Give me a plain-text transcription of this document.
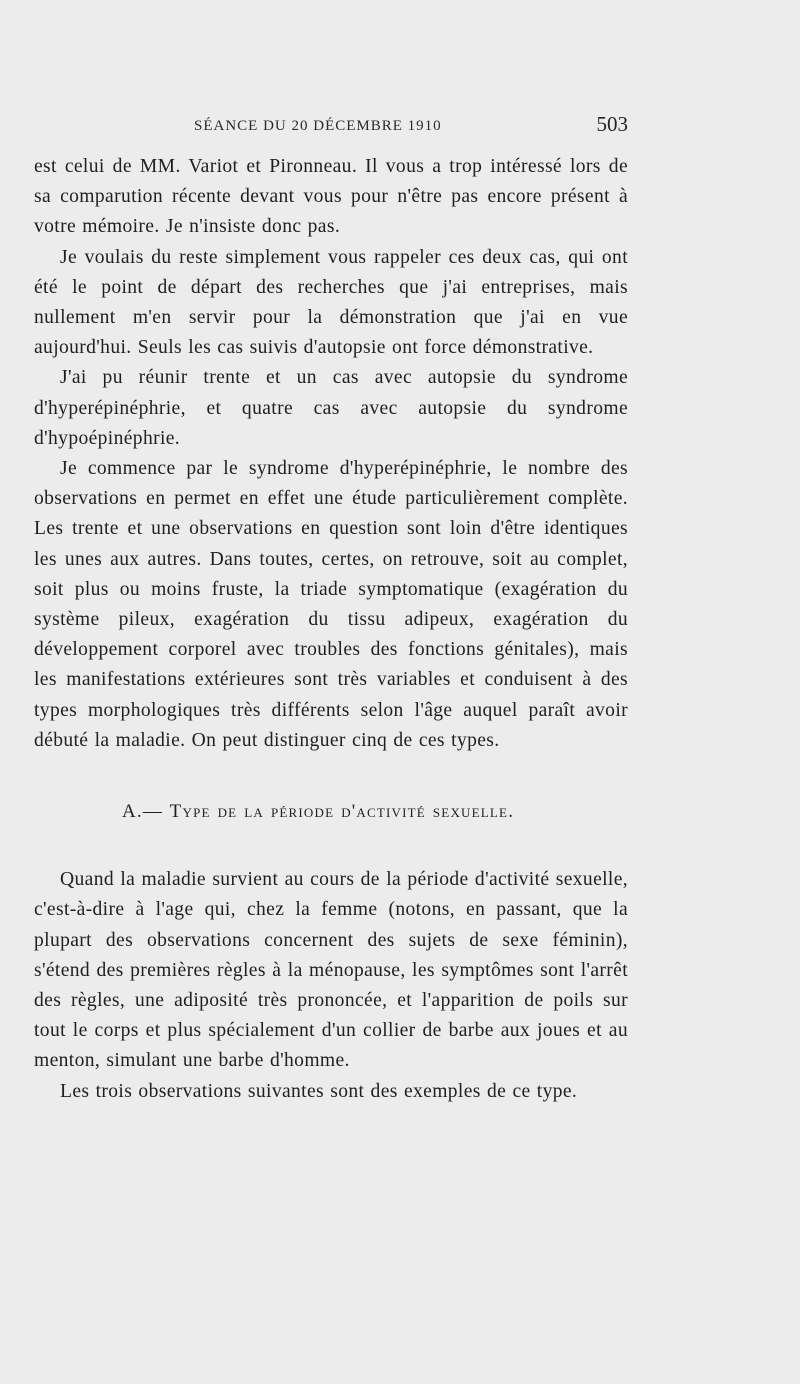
SÉANCE DU 20 DÉCEMBRE 1910	503

est celui de MM. Variot et Pironneau. Il vous a trop intéressé lors de sa comparution récente devant vous pour n'être pas encore présent à votre mémoire. Je n'insiste donc pas.

Je voulais du reste simplement vous rappeler ces deux cas, qui ont été le point de départ des recherches que j'ai entreprises, mais nullement m'en servir pour la démonstration que j'ai en vue aujourd'hui. Seuls les cas suivis d'autopsie ont force démonstrative.

J'ai pu réunir trente et un cas avec autopsie du syndrome d'hyperépinéphrie, et quatre cas avec autopsie du syndrome d'hypoépinéphrie.

Je commence par le syndrome d'hyperépinéphrie, le nombre des observations en permet en effet une étude particulièrement complète. Les trente et une observations en question sont loin d'être identiques les unes aux autres. Dans toutes, certes, on retrouve, soit au complet, soit plus ou moins fruste, la triade symptomatique (exagération du système pileux, exagération du tissu adipeux, exagération du développement corporel avec troubles des fonctions génitales), mais les manifestations extérieures sont très variables et conduisent à des types morphologiques très différents selon l'âge auquel paraît avoir débuté la maladie. On peut distinguer cinq de ces types.

A.— Type de la période d'activité sexuelle.

Quand la maladie survient au cours de la période d'activité sexuelle, c'est-à-dire à l'age qui, chez la femme (notons, en passant, que la plupart des observations concernent des sujets de sexe féminin), s'étend des premières règles à la ménopause, les symptômes sont l'arrêt des règles, une adiposité très prononcée, et l'apparition de poils sur tout le corps et plus spécialement d'un collier de barbe aux joues et au menton, simulant une barbe d'homme.

Les trois observations suivantes sont des exemples de ce type.
